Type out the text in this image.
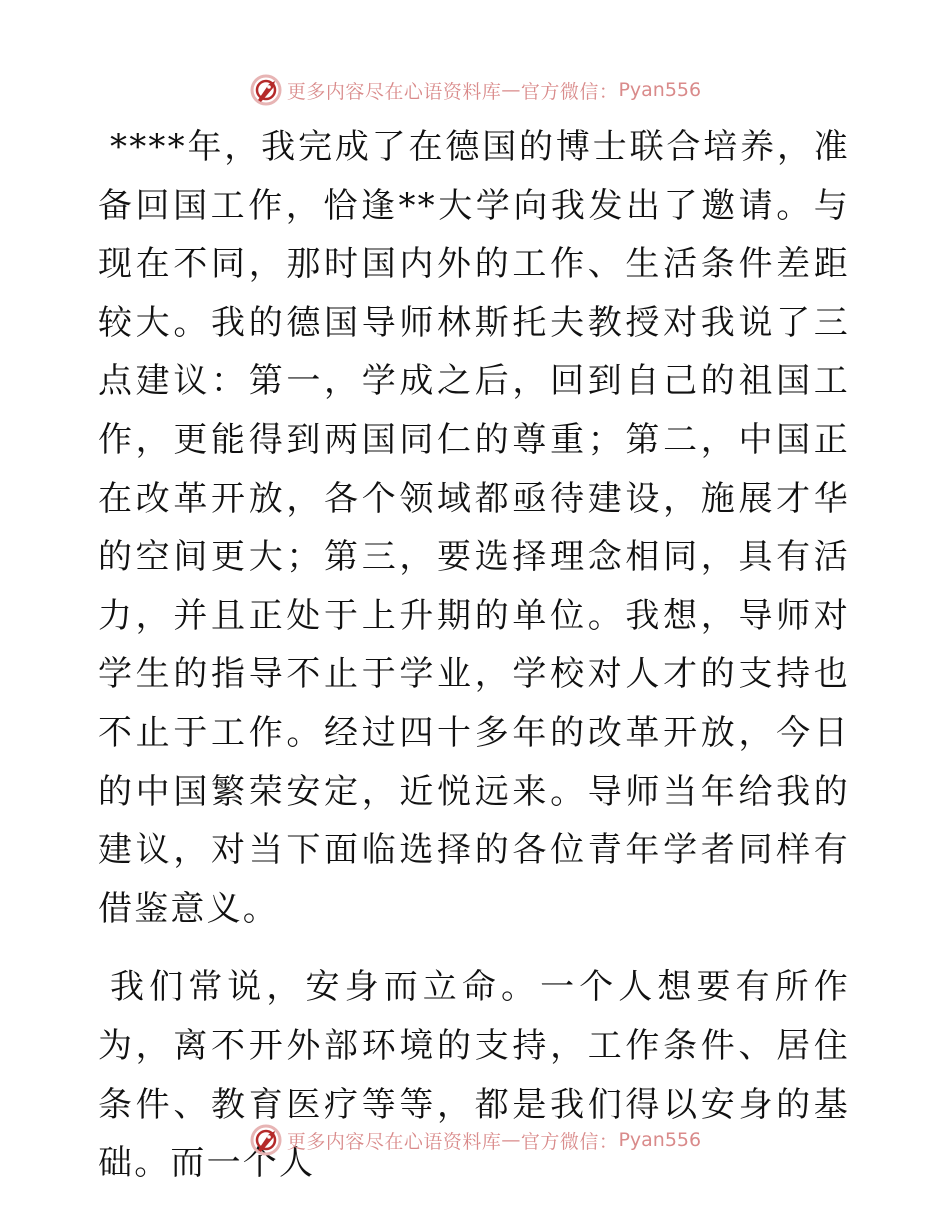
更多内容尽在心语资料库 — 官方微信： Pyan556

****年，我完成了在德国的博士联合培养，准备回国工作，恰逢**大学向我发出了邀请。与现在不同，那时国内外的工作、生活条件差距较大。我的德国导师林斯托夫教授对我说了三点建议：第一，学成之后，回到自己的祖国工作，更能得到两国同仁的尊重；第二，中国正在改革开放，各个领域都亟待建设，施展才华的空间更大；第三，要选择理念相同，具有活力，并且正处于上升期的单位。我想，导师对学生的指导不止于学业，学校对人才的支持也不止于工作。经过四十多年的改革开放，今日的中国繁荣安定，近悦远来。导师当年给我的建议，对当下面临选择的各位青年学者同样有借鉴意义。

我们常说，安身而立命。一个人想要有所作为，离不开外部环境的支持，工作条件、居住条件、教育医疗等等，都是我们得以安身的基础。而一个人

更多内容尽在心语资料库 — 官方微信： Pyan556
